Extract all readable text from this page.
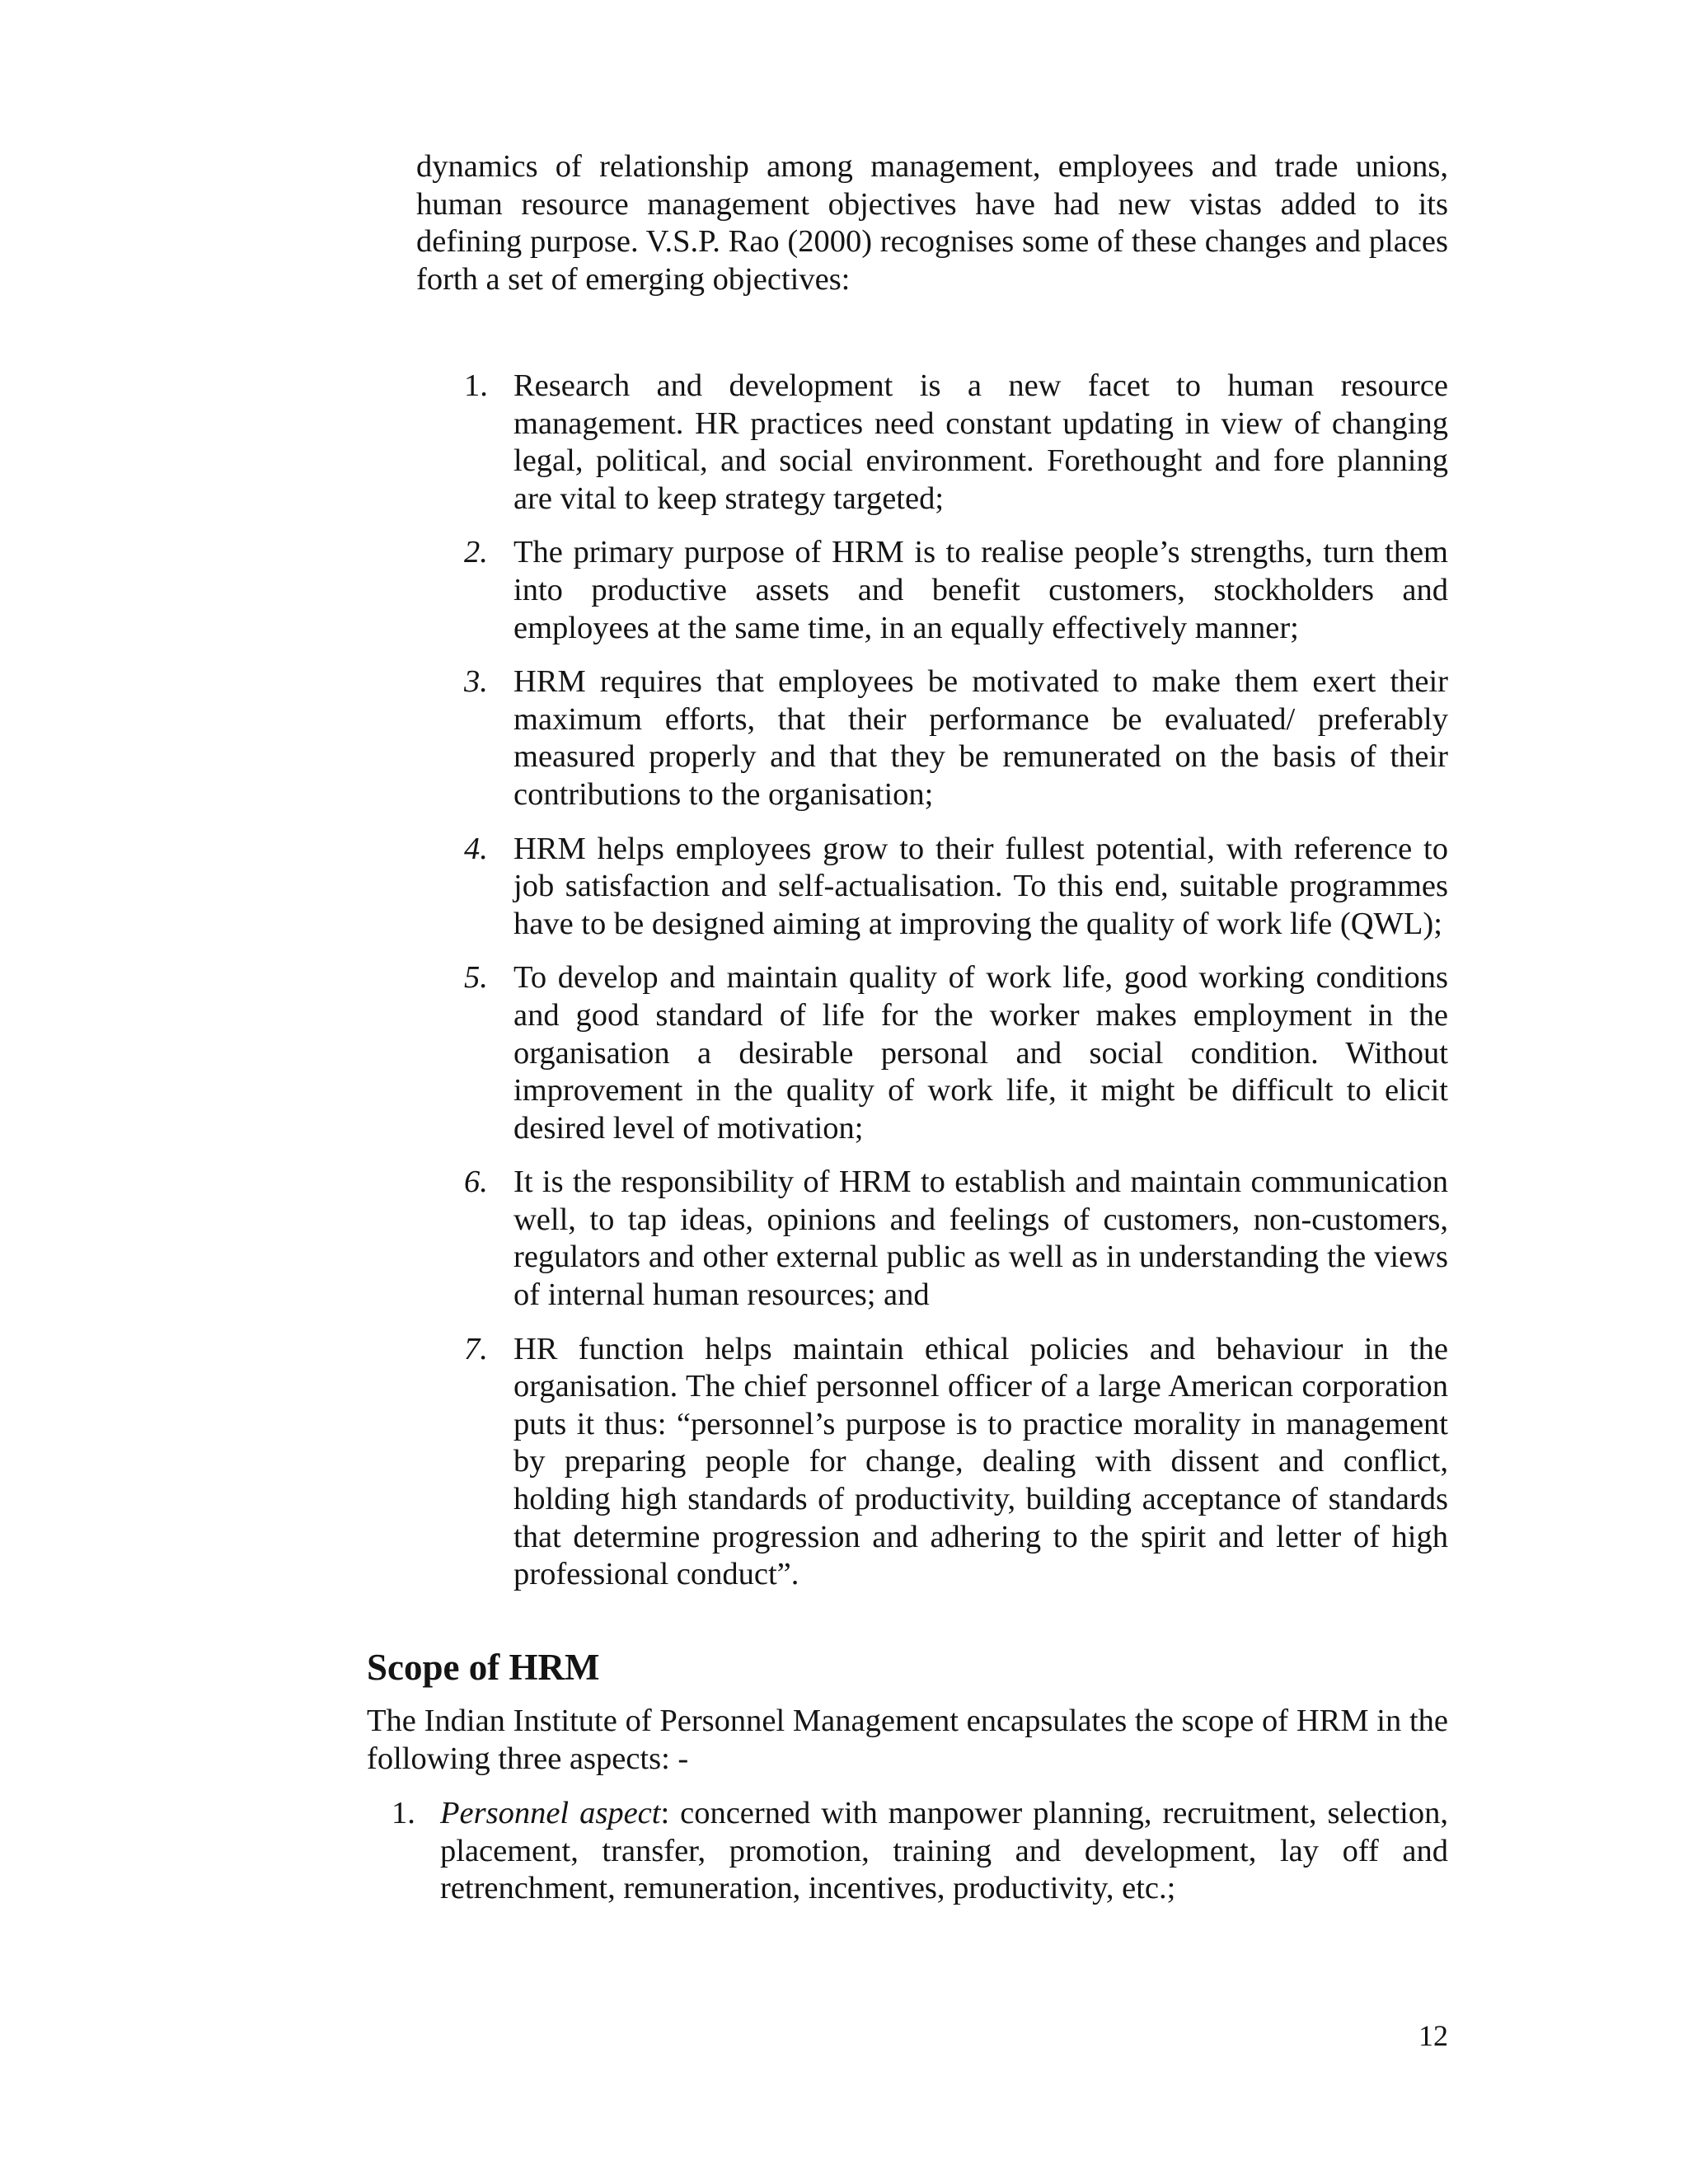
dynamics of relationship among management, employees and trade unions, human resource management objectives have had new vistas added to its defining purpose. V.S.P. Rao (2000) recognises some of these changes and places forth a set of emerging objectives:

1. Research and development is a new facet to human resource management. HR practices need constant updating in view of changing legal, political, and social environment. Forethought and fore planning are vital to keep strategy targeted;
2. The primary purpose of HRM is to realise people’s strengths, turn them into productive assets and benefit customers, stockholders and employees at the same time, in an equally effectively manner;
3. HRM requires that employees be motivated to make them exert their maximum efforts, that their performance be evaluated/ preferably measured properly and that they be remunerated on the basis of their contributions to the organisation;
4. HRM helps employees grow to their fullest potential, with reference to job satisfaction and self-actualisation. To this end, suitable programmes have to be designed aiming at improving the quality of work life (QWL);
5. To develop and maintain quality of work life, good working conditions and good standard of life for the worker makes employment in the organisation a desirable personal and social condition. Without improvement in the quality of work life, it might be difficult to elicit desired level of motivation;
6. It is the responsibility of HRM to establish and maintain communication well, to tap ideas, opinions and feelings of customers, non-customers, regulators and other external public as well as in understanding the views of internal human resources; and
7. HR function helps maintain ethical policies and behaviour in the organisation. The chief personnel officer of a large American corporation puts it thus: “personnel’s purpose is to practice morality in management by preparing people for change, dealing with dissent and conflict, holding high standards of productivity, building acceptance of standards that determine progression and adhering to the spirit and letter of high professional conduct”.
Scope of HRM

The Indian Institute of Personnel Management encapsulates the scope of HRM in the following three aspects: -

1. Personnel aspect: concerned with manpower planning, recruitment, selection, placement, transfer, promotion, training and development, lay off and retrenchment, remuneration, incentives, productivity, etc.;

12
